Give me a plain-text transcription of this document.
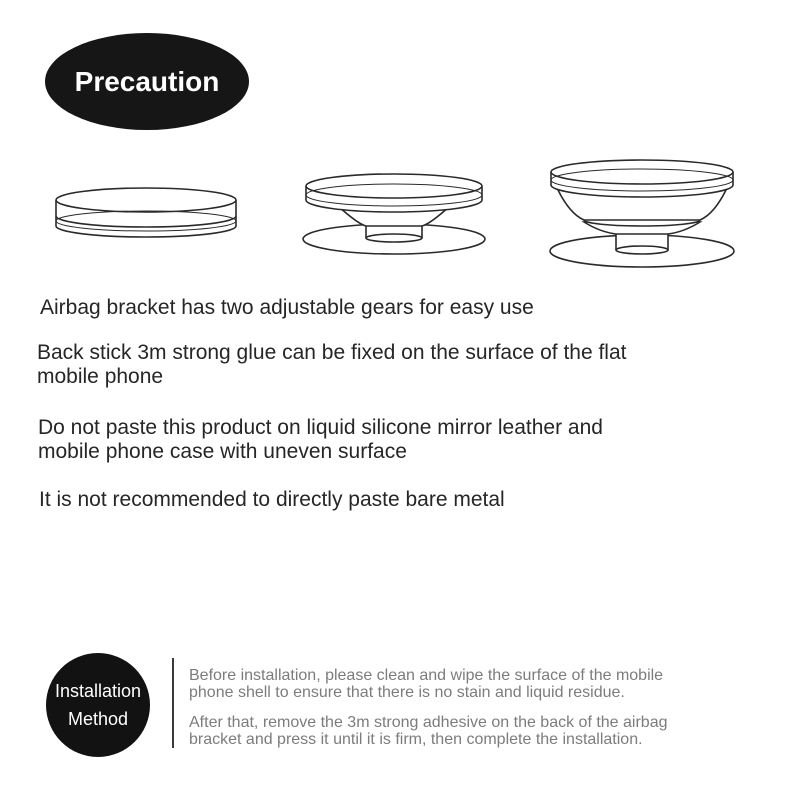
Precaution
Airbag bracket has two adjustable gears for easy use
Back stick 3m strong glue can be fixed on the surface of the flat
mobile phone
Do not paste this product on liquid silicone mirror leather and
mobile phone case with uneven surface
It is not recommended to directly paste bare metal
Installation
Method
Before installation, please clean and wipe the surface of the mobile
phone shell to ensure that there is no stain and liquid residue.
After that, remove the 3m strong adhesive on the back of the airbag
bracket and press it until it is firm, then complete the installation.
